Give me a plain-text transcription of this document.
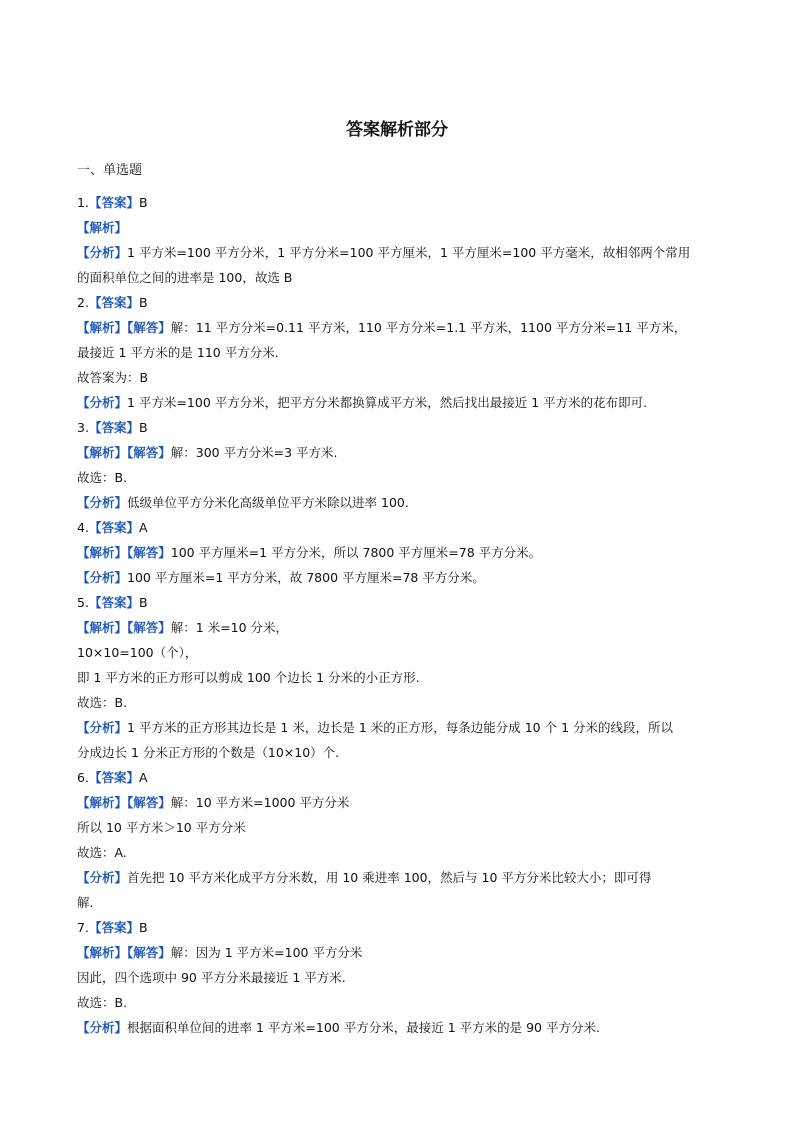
答案解析部分
一、单选题
1.【答案】B
【解析】
【分析】1 平方米=100 平方分米，1 平方分米=100 平方厘米，1 平方厘米=100 平方毫米，故相邻两个常用
的面积单位之间的进率是 100，故选 B
2.【答案】B
【解析】【解答】解：11 平方分米=0.11 平方米，110 平方分米=1.1 平方米，1100 平方分米=11 平方米，
最接近 1 平方米的是 110 平方分米.
故答案为：B
【分析】1 平方米=100 平方分米，把平方分米都换算成平方米，然后找出最接近 1 平方米的花布即可.
3.【答案】B
【解析】【解答】解：300 平方分米=3 平方米.
故选：B.
【分析】低级单位平方分米化高级单位平方米除以进率 100.
4.【答案】A
【解析】【解答】100 平方厘米=1 平方分米，所以 7800 平方厘米=78 平方分米。
【分析】100 平方厘米=1 平方分米，故 7800 平方厘米=78 平方分米。
5.【答案】B
【解析】【解答】解：1 米=10 分米，
10×10=100（个），
即 1 平方米的正方形可以剪成 100 个边长 1 分米的小正方形.
故选：B.
【分析】1 平方米的正方形其边长是 1 米，边长是 1 米的正方形，每条边能分成 10 个 1 分米的线段，所以
分成边长 1 分米正方形的个数是（10×10）个.
6.【答案】A
【解析】【解答】解：10 平方米=1000 平方分米
所以 10 平方米＞10 平方分米
故选：A.
【分析】首先把 10 平方米化成平方分米数，用 10 乘进率 100，然后与 10 平方分米比较大小；即可得
解.
7.【答案】B
【解析】【解答】解：因为 1 平方米=100 平方分米
因此，四个选项中 90 平方分米最接近 1 平方米.
故选：B.
【分析】根据面积单位间的进率 1 平方米=100 平方分米，最接近 1 平方米的是 90 平方分米.
